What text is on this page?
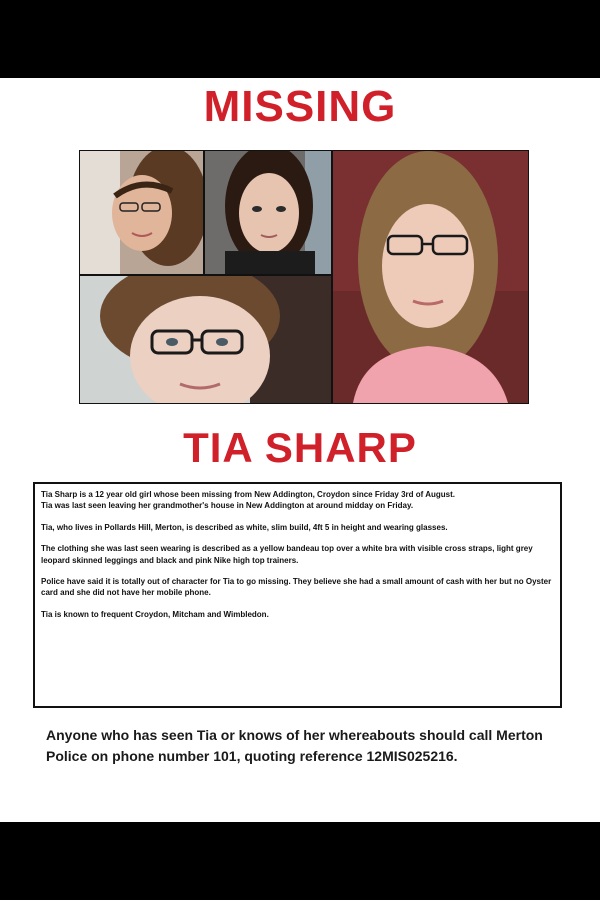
MISSING
TIA SHARP

Tia Sharp is a 12 year old girl whose been missing from New Addington, Croydon since Friday 3rd of August.

Tia was last seen leaving her grandmother's house in New Addington at around midday on Friday.

Tia, who lives in Pollards Hill, Merton, is described as white, slim build, 4ft 5 in height and wearing glasses.

The clothing she was last seen wearing is described as a yellow bandeau top over a white bra with visible cross straps, light grey leopard skinned leggings and black and pink Nike high top trainers.

Police have said it is totally out of character for Tia to go missing. They believe she had a small amount of cash with her but no Oyster card and she did not have her mobile phone.

Tia is known to frequent Croydon, Mitcham and Wimbledon.

Anyone who has seen Tia or knows of her whereabouts should call Merton Police on phone number 101, quoting reference 12MIS025216.
